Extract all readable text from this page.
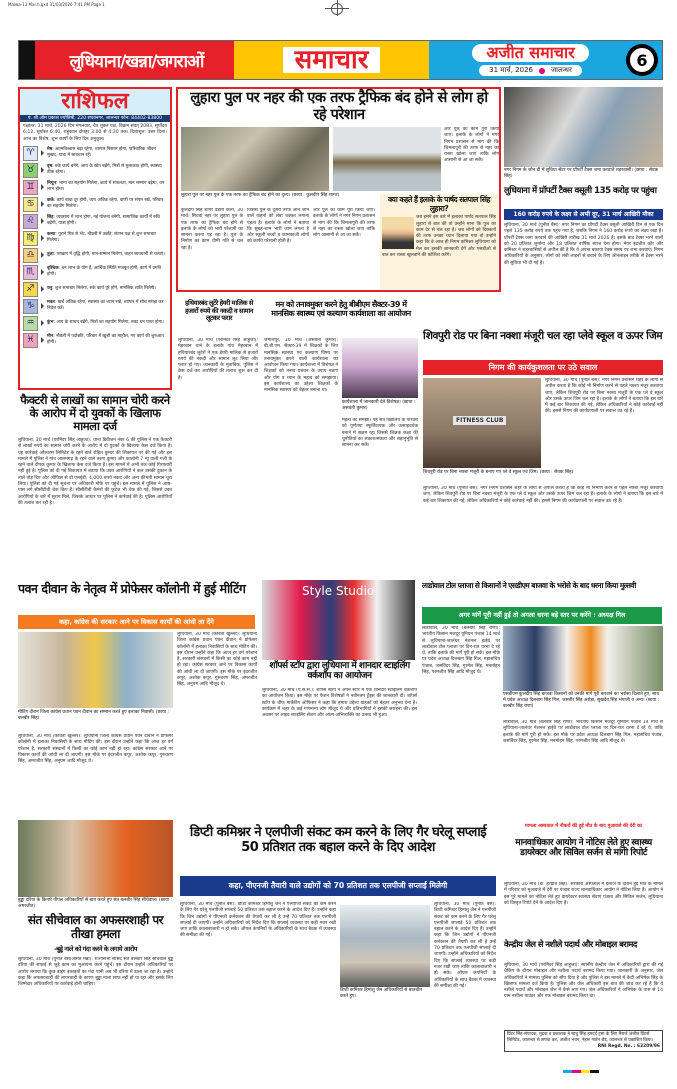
Malwa-13 Mar.h.qxd 31/03/2026 7:41 PM Page 1
लुधियाना/खन्ना/जगराओं	समाचार	अजीत समाचार
31 मार्च, 2026	जालन्धर
6
राशिफल
पं. श्री ओम प्रकाश ज्योतिषी, 220 राघवनगर, जालन्धर फोन: 84402-83800
पक्षांतर: 31 मार्च, 2026 दिन मंगलवार, चैत्र शुक्ल पक्ष, विक्रम संवत् 2083, सूर्योदय 6:12, सूर्यास्त 6:40, राहुकाल दोपहर 3:00 से 4:30 तक। दिशाशूल: उत्तर दिशा। आज का विशेष: शुभ कार्यों के लिए दिन अनुकूल।
♈	मेष: आत्मविश्वास बढ़ा रहेगा, व्यापार विस्तार होगा, पारिवारिक जीवन सुखद, यात्रा में सावधान रहें।
♉	वृष: रुके कार्य बनेंगे, आय के स्रोत बढ़ेंगे, मित्रों से मुलाकात होगी, स्वास्थ्य ठीक रहेगा।
♊	मिथुन: भाग्य का सहयोग मिलेगा, कार्य में सफलता, मान सम्मान बढ़ेगा, धन लाभ होगा।
♋	कर्क: कार्य बाधा दूर होगी, व्यय अधिक रहेगा, वाणी पर संयम रखें, परिवार का सहयोग मिलेगा।
♌	सिंह: व्यवसाय में लाभ होगा, नई योजना बनेगी, सामाजिक कार्यों में रुचि बढ़ेगी, यात्रा होगी।
♍	कन्या: पुराने मित्र से भेंट, नौकरी में उन्नति, संतान पक्ष से शुभ समाचार मिलेगा।
♎	तुला: पराक्रम में वृद्धि होगी, मान-सम्मान मिलेगा, वाहन सावधानी से चलाएं।
♏	वृश्चिक: धन लाभ के योग हैं, आर्थिक स्थिति मजबूत होगी, कार्य में प्रगति होगी।
♐	धनु: शुभ समाचार मिलेगा, रुके कार्य पूरे होंगे, मानसिक शांति मिलेगी।
♑	मकर: खर्च अधिक रहेगा, स्वास्थ्य का ध्यान रखें, व्यापार में सोच समझ कर निवेश करें।
♒	कुंभ: आय के साधन बढ़ेंगे, मित्रों का सहयोग मिलेगा, रुका धन प्राप्त होगा।
♓	मीन: नौकरी में पदोन्नति, परिवार में खुशी का माहौल, नए कार्य की शुरुआत होगी।
फैक्टरी से लाखों का सामान चोरी करने के आरोप में दो युवकों के खिलाफ मामला दर्ज
लुधियाना, 30 मार्च (परमिंदर सिंह आहूजा): थाना डिवीजन नंबर 6 की पुलिस ने एक फैक्टरी से लाखों रुपये का सामान चोरी करने के आरोप में दो युवकों के खिलाफ केस दर्ज किया है। यह कार्रवाई ओंकारस लिमिटेड के रहने वाले रोहित कुमार की शिकायत पर की गई और इस मामले में पुलिस ने गांव आलमगढ़ के रहने वाले तरुण कुमार और कालोनी 7 न्यू वाली गली के रहने वाले दीपक कुमार के खिलाफ केस दर्ज किया है। इस मामले में अभी तक कोई गिरफ्तारी नहीं हुई है। पुलिस को दी गई शिकायत में बताया कि उक्त आरोपियों ने कल उसकी दुकान के ताले तोड़ दिए और ऑफिस से दो एलईडी, 4,000 रुपये नकद और अन्य कीमती सामान चुरा लिया। पुलिस को दी गई सूचना पर अधिकारी मौके पर पहुंचे। इस मामले में पुलिस ने आस-पास लगे सीसीटीवी चेक किए हैं। सीसीटीवी कैमरों की फुटेज भी चेक की गई, जिससे उक्त आरोपियों के बारे में सुराग मिले, जिसके आधार पर पुलिस ने कार्रवाई की है। पुलिस आरोपियों की तलाश कर रही है।
लुहारा पुल पर नहर की एक तरफ ट्रैफिक बंद होने से लोग हो रहे परेशान
और पुल का काम पूरा किया जाए। इलाके के लोगों ने नगर निगम प्रशासन से मांग की कि शिमलापुरी की तरफ से नहर का रास्ता खोला जाए ताकि लोग आसानी से आ जा सकें।
लुहारा पुल पर नहर पुल के एक तरफ का ट्रैफिक बंद होने का दृश्य। (छाया : कुलदीप सिंह शागर)
कुलदीप सिंह शागर ढंडारी कलां, 30 मार्च। सिधवां नहर पर लुहारा पुल के एक तरफ का ट्रैफिक बंद होने से इलाके के लोगों को भारी परेशानी का सामना करना पड़ रहा है। पुल के निर्माण का काम धीमी गति से चल रहा है।
जिससे पुल के दूसरी तरफ आने जाने वाले वाहनों को लंबा चक्कर लगाना पड़ता है। इलाके के लोगों ने बताया कि सुबह-शाम भारी जाम लगता है और स्कूली बच्चों व कामकाजी लोगों को काफी परेशानी होती है।
और पुल का काम पूरा किया जाए। इलाके के लोगों ने नगर निगम प्रशासन से मांग की कि शिमलापुरी की तरफ से नहर का रास्ता खोला जाए ताकि लोग आसानी से आ जा सकें।
क्या कहते हैं इलाके के पार्षद सतपाल सिंह लुहारा?
जब हमने इस बारे में इलाका पार्षद सतपाल सिंह लुहारा से बात की तो उन्होंने माना कि पुल का काम देर से चल रहा है। जब लोगों को दिक्कतों की तरफ उनका ध्यान दिलाया गया तो उन्होंने कहा कि वे आज ही निगम कमिश्नर लुधियाना को मेल कर इसकी जानकारी देंगे और एसडीओ से बात कर रास्ता खुलवाने की कोशिश करेंगे।
नगर निगम के जोन डी में सुविधा सेंटर पर प्रॉपर्टी टैक्स जमा करवाते शहरवासी। (छाया : सेवक सिंह)
लुधियाना में प्रॉपर्टी टैक्स वसूली 135 करोड़ पर पहुंचा
160 करोड़ रुपये के लक्ष्य से अभी दूर, 31 मार्च आखिरी मौका
लुधियाना, 30 मार्च (पुनीत बैंस): नगर निगम का प्रॉपर्टी टैक्स वसूली आखिरी दिन से एक दिन पहले 135 करोड़ रुपये तक पहुंच गया है, जबकि निगम ने 160 करोड़ रुपये का लक्ष्य रखा है। प्रॉपर्टी टैक्स जमा करवाने की आखिरी तारीख 31 मार्च 2026 है। इसके बाद टैक्स भरने वालों को 20 प्रतिशत जुर्माना और 18 प्रतिशत वार्षिक ब्याज देना होगा। मेयर इंद्रजीत कौर और कमिश्नर ने शहरवासियों से अपील की है कि वे अपना बकाया टैक्स समय पर जमा करवाएं। निगम अधिकारियों के अनुसार, लोगों को लंबी लाइनों से बचाने के लिए ऑनलाइन तरीके से टैक्स भरने की सुविधा भी दी गई है।
हथियारबंद लुटेरे हेयरी मालिक से हजारों रुपये की नकदी व सामान लूटकर फरार
लुधियाना, 30 मार्च (परमिंदर सिंह आहूजा): मेहरबान थाने के इलाके गांव मेहरबान में हथियारबंद लुटेरों ने एक डेयरी मालिक से हजारों रुपये की नकदी और सामान लूट लिया और फरार हो गए। जानकारी के मुताबिक, पुलिस ने केस दर्ज कर आरोपियों की तलाश शुरू कर दी है।
मन को तनावमुक्त करने हेतु बीबीएम सैक्टर-39 में मानसिक स्वास्थ्य एवं कल्याण कार्यशाला का आयोजन
जमालपुर, 30 मार्च (असवंती कुमार): बी.बी.एम. सैक्टर-39 में शिक्षकों के लिए मानसिक स्वास्थ्य एवं कल्याण विषय पर तनावमुक्त करने वाली कार्यशाला का आयोजन किया गया। कार्यशाला में विशेषज्ञ ने शिक्षकों को तनाव प्रबंधन के उपाय बताए और योग व ध्यान के महत्व को समझाया। इस कार्यशाला का उद्देश्य शिक्षकों के मानसिक स्वास्थ्य को बेहतर बनाना था।
कार्यशाला में जानकारी देते विशेषज्ञ। (छाया : असवंती कुमार)
महत्व को समझा। यह सत्र विद्यालय के परिवेश को पूर्णतया स्फूर्तिदायक और उत्साहवर्धक बनाने में सक्षम रहा जिससे शिक्षक कक्षा की चुनौतियों का सकारात्मकता और सहानुभूति से सामना कर सकें।
शिवपुरी रोड पर बिना नक्शा मंजूरी चल रहा प्लेवे स्कूल व ऊपर जिम
निगम की कार्यकुशलता पर उठे सवाल
FITNESS CLUB
शिवपुरी रोड पर बिना नक्शा मंजूरी के बनाए गए प्ले वे स्कूल एवं जिम। (छाया : सेवक सिंह)
लुधियाना, 30 मार्च (पुनीत बैंस): नगर निगम प्रशासन शहर के लोगों से अपील करता है कि कोई भी निर्माण करने से पहले नक्शा मंजूर करवाया जाए, लेकिन शिवपुरी रोड पर बिना नक्शा मंजूरी के एक प्ले वे स्कूल और उसके ऊपर जिम चल रहा है। इलाके के लोगों ने बताया कि इस बारे में कई बार शिकायत की गई, लेकिन अधिकारियों ने कोई कार्रवाई नहीं की। इससे निगम की कार्यप्रणाली पर सवाल उठ रहे हैं।
लुधियाना, 30 मार्च (पुनीत बैंस): नगर निगम प्रशासन शहर के लोगों से अपील करता है कि कोई भी निर्माण करने से पहले नक्शा मंजूर करवाया जाए, लेकिन शिवपुरी रोड पर बिना नक्शा मंजूरी के एक प्ले वे स्कूल और उसके ऊपर जिम चल रहा है। इलाके के लोगों ने बताया कि इस बारे में कई बार शिकायत की गई, लेकिन अधिकारियों ने कोई कार्रवाई नहीं की। इससे निगम की कार्यप्रणाली पर सवाल उठ रहे हैं।
पवन दीवान के नेतृत्व में प्रोफेसर कॉलोनी में हुई मीटिंग
कहा, कांग्रेस की सरकार आने पर विकास कार्यों की आंधी ला देंगे
मीटिंग दौरान जिला कांग्रेस प्रधान पवन दीवान का सम्मान करते हुए इलाका निवासी। (छाया : बलबीर सिंह)
लुधियाना, 30 मार्च (कविता खुल्लर): लुधियाना जिला कांग्रेस प्रधान पवन दीवान ने प्रोफेसर कॉलोनी में इलाका निवासियों के साथ मीटिंग की। इस दौरान उन्होंने कहा कि आज हर वर्ग परेशान है, सरकारी संस्थानों में किसी का कोई काम नहीं हो रहा। कांग्रेस सरकार आने पर विकास कार्यों की आंधी ला दी जाएगी। इस मौके पर इंदरजीत कपूर, अशोक कपूर, गुरुचरण सिंह, अमरजीत सिंह, अनुपम आदि मौजूद थे।
लुधियाना, 30 मार्च (कविता खुल्लर): लुधियाना जिला कांग्रेस प्रधान पवन दीवान ने प्रोफेसर कॉलोनी में इलाका निवासियों के साथ मीटिंग की। इस दौरान उन्होंने कहा कि आज हर वर्ग परेशान है, सरकारी संस्थानों में किसी का कोई काम नहीं हो रहा। कांग्रेस सरकार आने पर विकास कार्यों की आंधी ला दी जाएगी। इस मौके पर इंदरजीत कपूर, अशोक कपूर, गुरुचरण सिंह, अमरजीत सिंह, अनुपम आदि मौजूद थे।
Style Studio
शॉपर्स स्टॉप द्वारा लुधियाना में शानदार स्टाइलिंग वर्कशॉप का आयोजन
लुधियाना, 30 मार्च (प.स.स.): शॉपर्स स्टॉप ने अपने स्टोर में एक शानदार स्टाइलिंग वर्कशॉप का आयोजन किया। इस मौके पर फैशन विशेषज्ञों ने नवीनतम ट्रेंड्स की जानकारी दी। शॉपर्स स्टॉप के चीफ मार्केटिंग ऑफिसर ने कहा कि हमारा उद्देश्य ग्राहकों को बेहतर अनुभव देना है। कार्यक्रम में शहर के कई गणमान्य लोग मौजूद थे और प्रतिभागियों ने इसकी सराहना की। इस अवसर पर लाइव स्टाइलिंग सेशन और आत्म-अभिव्यक्ति का उत्सव भी हुआ।
लाडोवाल टोल प्लाजा से किसानों ने एसडीएम बाजवा के भरोसे के बाद धरना किया मुल्तवी
अगर मांगें पूरी नहीं हुई तो अगला धरना बड़े स्तर पर करेंगे : अध्यक्ष गिल
एसडीएम कुलदीप सिंह बाजवा किसानों को उनकी मांगें पूरी करवाने का भरोसा दिलाते हुए, साथ में प्रदेश अध्यक्ष दिलबाग सिंह गिल, जसवीर सिंह अरोड़ा, सुखदेव सिंह भंगाली व अन्य। (छाया : बलबीर सिंह राणा)
लाडोवाल, 30 मार्च (बलबीर सिंह राणा): भारतीय किसान मजदूर यूनियन पंजाब 14 मार्च से लुधियाना-जालंधर नेशनल हाईवे पर लाडोवाल टोल प्लाजा पर दिन-रात धरना दे रहे थे, ताकि इलाके की मांगें पूरी हो सकें। इस मौके पर प्रदेश अध्यक्ष दिलबाग सिंह गिल, महासचिव पंजाब, जसविंदर सिंह, गुरमेल सिंह, मनमोहन सिंह, परमजीत सिंह आदि मौजूद थे।
लाडोवाल, 30 मार्च (बलबीर सिंह राणा): भारतीय किसान मजदूर यूनियन पंजाब 14 मार्च से लुधियाना-जालंधर नेशनल हाईवे पर लाडोवाल टोल प्लाजा पर दिन-रात धरना दे रहे थे, ताकि इलाके की मांगें पूरी हो सकें। इस मौके पर प्रदेश अध्यक्ष दिलबाग सिंह गिल, महासचिव पंजाब, जसविंदर सिंह, गुरमेल सिंह, मनमोहन सिंह, परमजीत सिंह आदि मौजूद थे।
बुड्ढा दरिया के किनारे पीपल अधिकारियों से बात करते हुए संत बलबीर सिंह सीचेवाल। (छाया : अमरजीत)
संत सीचेवाल का अफसरशाही पर तीखा हमला
-बुड्ढे नाले को गंदा करने के लगाये आरोप
लुधियाना, 30 मार्च (पुनीत बैंस/अमित मन्नो): राज्यसभा सांसद संत बलबीर सिंह सीचेवाल बुड्ढे दरिया की सफाई से जुड़े काम का मुआयना करने पहुंचे। इस दौरान उन्होंने अधिकारियों पर आरोप लगाया कि कुछ डाइंग इकाइयों का गंदा पानी अब भी दरिया में डाला जा रहा है। उन्होंने कहा कि अफसरशाही की लापरवाही के कारण बुड्ढा नाला साफ नहीं हो पा रहा और इसके लिए जिम्मेदार अधिकारियों पर कार्रवाई होनी चाहिए।
डिप्टी कमिश्नर ने एलपीजी संकट कम करने के लिए गैर घरेलू सप्लाई 50 प्रतिशत तक बहाल करने के दिए आदेश
कहा, पीएनजी तैयारी वाले उद्योगों को 70 प्रतिशत तक एलपीजी सप्लाई मिलेगी
लुधियाना, 30 मार्च (पुनीत बैंस): डिप्टी कमिश्नर हिमांशु जैन ने एलपीजी संकट को कम करने के लिए गैर घरेलू एलपीजी सप्लाई 50 प्रतिशत तक बहाल करने के आदेश दिए हैं। उन्होंने कहा कि जिन उद्योगों ने पीएनजी कनेक्शन की तैयारी कर ली है उन्हें 70 प्रतिशत तक एलपीजी सप्लाई दी जाएगी। उन्होंने अधिकारियों को निर्देश दिए कि सप्लाई व्यवस्था पर कड़ी नजर रखी जाए ताकि कालाबाजारी न हो सके। ऑयल कंपनियों के अधिकारियों के साथ बैठक में व्यवस्था की समीक्षा की गई।
डिप्टी कमिश्नर हिमांशु जैन अधिकारियों से बातचीत करते हुए।
लुधियाना, 30 मार्च (पुनीत बैंस): डिप्टी कमिश्नर हिमांशु जैन ने एलपीजी संकट को कम करने के लिए गैर घरेलू एलपीजी सप्लाई 50 प्रतिशत तक बहाल करने के आदेश दिए हैं। उन्होंने कहा कि जिन उद्योगों ने पीएनजी कनेक्शन की तैयारी कर ली है उन्हें 70 प्रतिशत तक एलपीजी सप्लाई दी जाएगी। उन्होंने अधिकारियों को निर्देश दिए कि सप्लाई व्यवस्था पर कड़ी नजर रखी जाए ताकि कालाबाजारी न हो सके। ऑयल कंपनियों के अधिकारियों के साथ बैठक में व्यवस्था की समीक्षा की गई।
मामला अस्पताल में नौकरों की हुई मौत के बाद मुआवजे की देरी का
मानवाधिकार आयोग ने नोटिस लेते हुए स्वास्थ्य डायरेक्टर और सिविल सर्जन से मांगी रिपोर्ट
लुधियाना, 30 मार्च (डॉ. हरप्रीत सिंह): सरकारी अस्पताल में इलाज के दौरान हुई मौत के मामले में परिवार को मुआवजे में देरी पर पंजाब राज्य मानवाधिकार आयोग ने नोटिस लिया है। आयोग ने इस पूरे मामले का नोटिस लेते हुए डायरेक्टर स्वास्थ्य सेवाएं पंजाब और सिविल सर्जन, लुधियाना को विस्तृत रिपोर्ट देने के आदेश दिए हैं।
केन्द्रीय जेल से नशीले पदार्थ और मोबाइल बरामद
लुधियाना, 30 मार्च (परमिंदर सिंह आहूजा): स्थानीय केन्द्रीय जेल में अधिकारियों द्वारा की गई चैकिंग के दौरान मोबाइल और नशीला पदार्थ बरामद किया गया। जानकारी के अनुसार, जेल अधिकारियों ने मामला पुलिस को सौंप दिया है और पुलिस ने इस मामले में कैदी अभिषेक सिंह के खिलाफ मामला दर्ज किया है। पुलिस और जेल अधिकारी इस बात की जांच कर रहे हैं कि ये नशीले पदार्थ और मोबाइल जेल में कैसे लाए गए। जेल अधिकारियों ने अभिषेक के पास से 14 ग्राम नशीला पाउडर और एक मोबाइल बरामद किया था।
प्रिंटर सिंह-संपादक, मुद्रक व प्रकाशक ने साधु सिंह हमदर्द ट्रस्ट के लिए मैसर्ज अजीत प्रिंटर्स लिमिटेड, जालन्धर से छपवा कर, अजीत भवन, नेहरू गार्डन रोड, जालन्धर से प्रकाशित किया।
RNI Regd. No. : 63209/96
